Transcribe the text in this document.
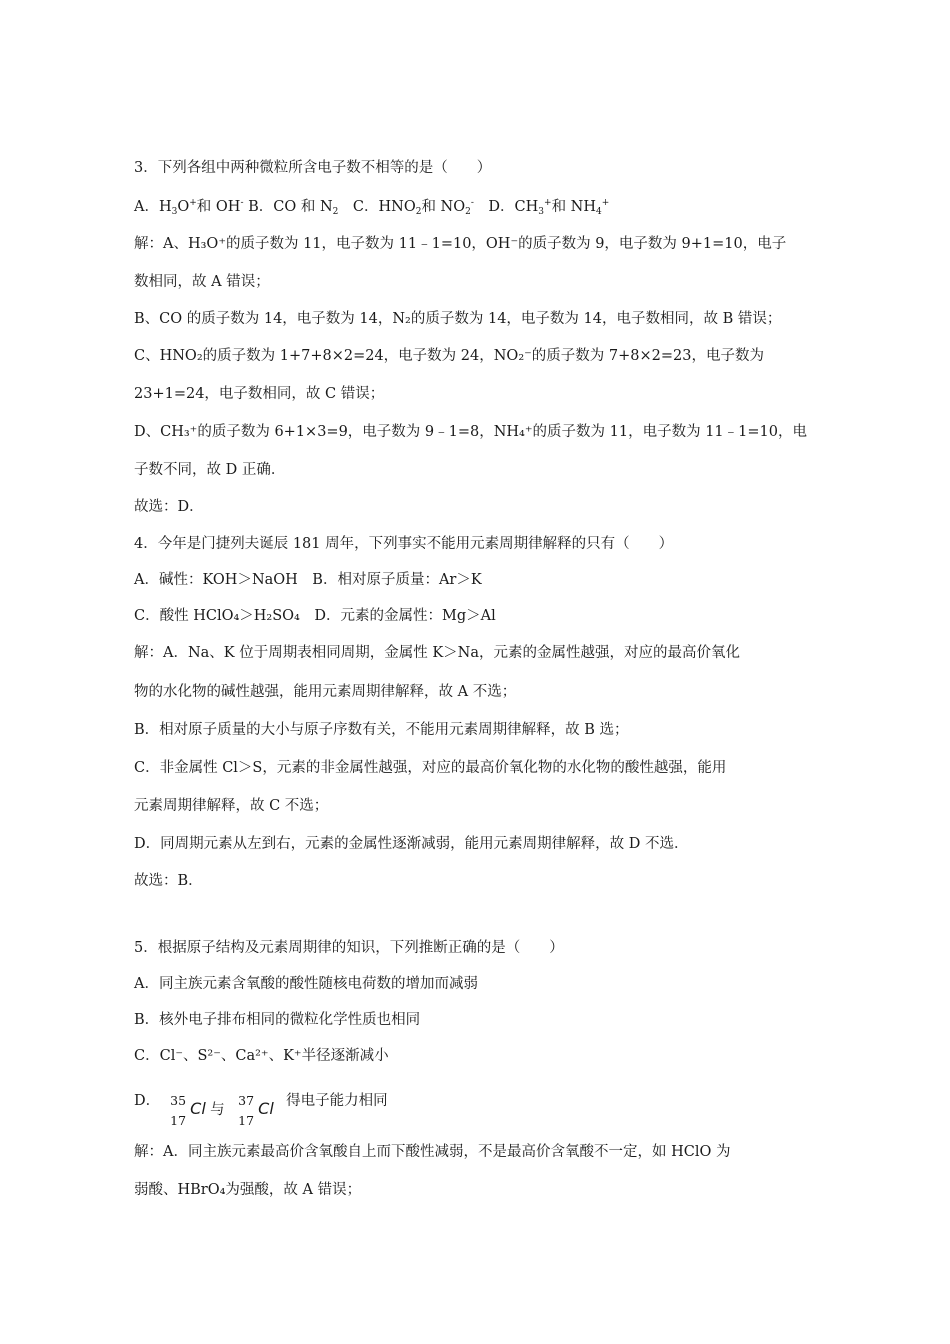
3．下列各组中两种微粒所含电子数不相等的是（　　）
A．$H_3O^+$和 OH- B．CO 和 $N_2$　C．$HNO_2$和 $NO_2^-$　D．$CH_3^+$和 $NH_4^+$
解：A、H₃O⁺的质子数为 11，电子数为 11﹣1=10，OH⁻的质子数为 9，电子数为 9+1=10，电子
数相同，故 A 错误；
B、CO 的质子数为 14，电子数为 14，N₂的质子数为 14，电子数为 14，电子数相同，故 B 错误；
C、HNO₂的质子数为 1+7+8×2=24，电子数为 24，NO₂⁻的质子数为 7+8×2=23，电子数为
23+1=24，电子数相同，故 C 错误；
D、CH₃⁺的质子数为 6+1×3=9，电子数为 9﹣1=8，NH₄⁺的质子数为 11，电子数为 11﹣1=10，电
子数不同，故 D 正确．
故选：D．
4．今年是门捷列夫诞辰 181 周年，下列事实不能用元素周期律解释的只有（　　）
A．碱性：KOH＞NaOH　B．相对原子质量：Ar＞K
C．酸性 HClO₄＞H₂SO₄　D．元素的金属性：Mg＞Al
解：A．Na、K 位于周期表相同周期，金属性 K＞Na，元素的金属性越强，对应的最高价氧化
物的水化物的碱性越强，能用元素周期律解释，故 A 不选；
B．相对原子质量的大小与原子序数有关，不能用元素周期律解释，故 B 选；
C．非金属性 Cl＞S，元素的非金属性越强，对应的最高价氧化物的水化物的酸性越强，能用
元素周期律解释，故 C 不选；
D．同周期元素从左到右，元素的金属性逐渐减弱，能用元素周期律解释，故 D 不选．
故选：B．
5．根据原子结构及元素周期律的知识，下列推断正确的是（　　）
A．同主族元素含氧酸的酸性随核电荷数的增加而减弱
B．核外电子排布相同的微粒化学性质也相同
C．Cl⁻、S²⁻、Ca²⁺、K⁺半径逐渐减小
D． 35
17
Cl 与
37
17
Cl 得电子能力相同
解：A．同主族元素最高价含氧酸自上而下酸性减弱，不是最高价含氧酸不一定，如 HClO 为
弱酸、HBrO₄为强酸，故 A 错误；
